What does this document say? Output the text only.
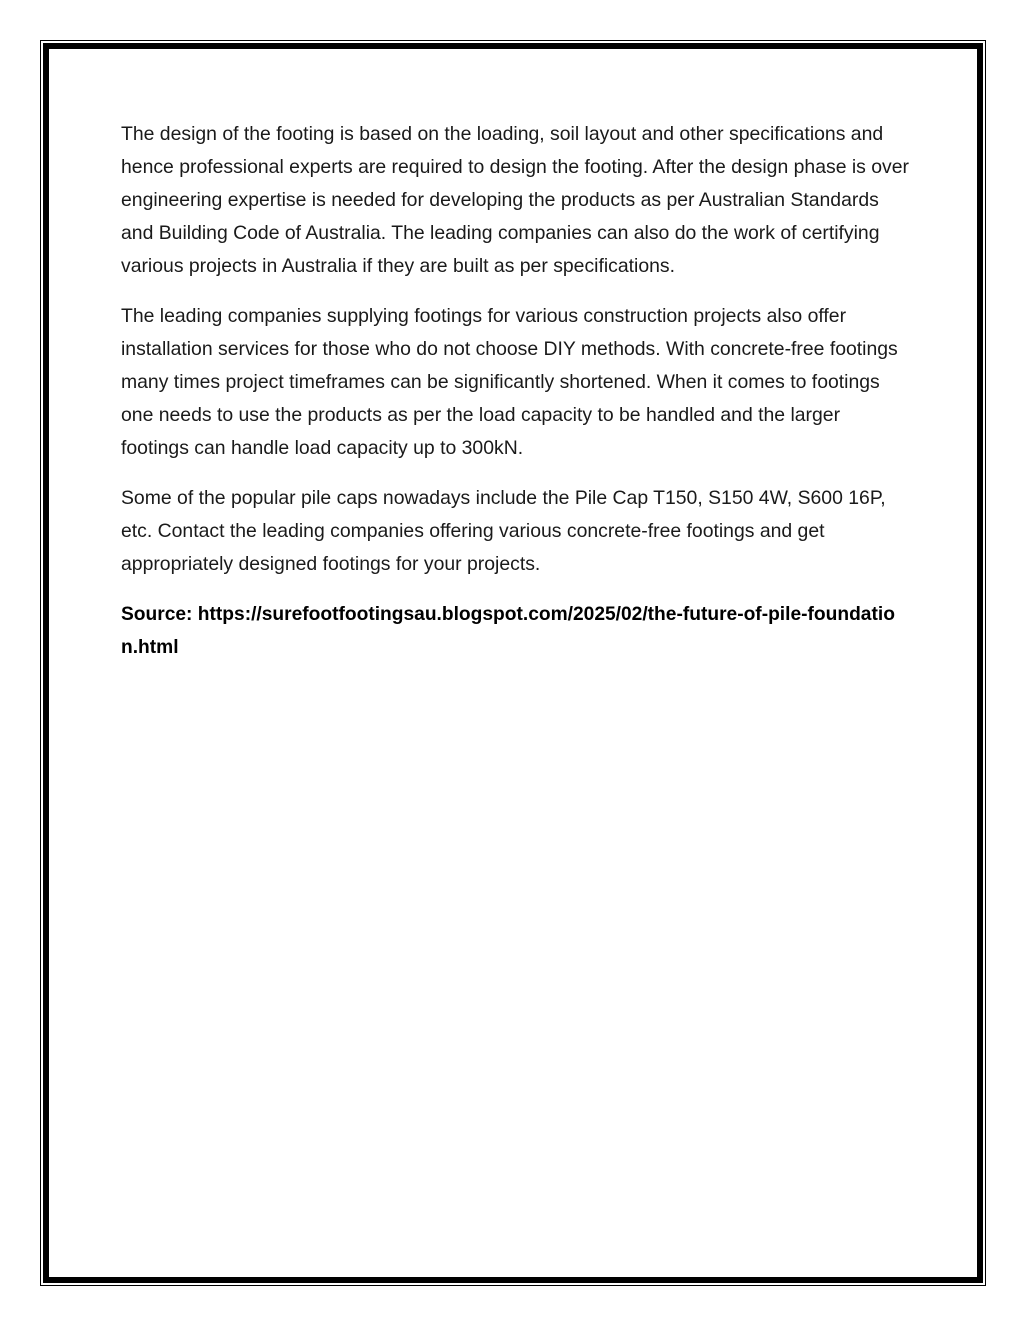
The design of the footing is based on the loading, soil layout and other specifications and hence professional experts are required to design the footing. After the design phase is over engineering expertise is needed for developing the products as per Australian Standards and Building Code of Australia. The leading companies can also do the work of certifying various projects in Australia if they are built as per specifications.

The leading companies supplying footings for various construction projects also offer installation services for those who do not choose DIY methods. With concrete-free footings many times project timeframes can be significantly shortened. When it comes to footings one needs to use the products as per the load capacity to be handled and the larger footings can handle load capacity up to 300kN.

Some of the popular pile caps nowadays include the Pile Cap T150, S150 4W, S600 16P, etc. Contact the leading companies offering various concrete-free footings and get appropriately designed footings for your projects.

Source: https://surefootfootingsau.blogspot.com/2025/02/the-future-of-pile-foundation.html
